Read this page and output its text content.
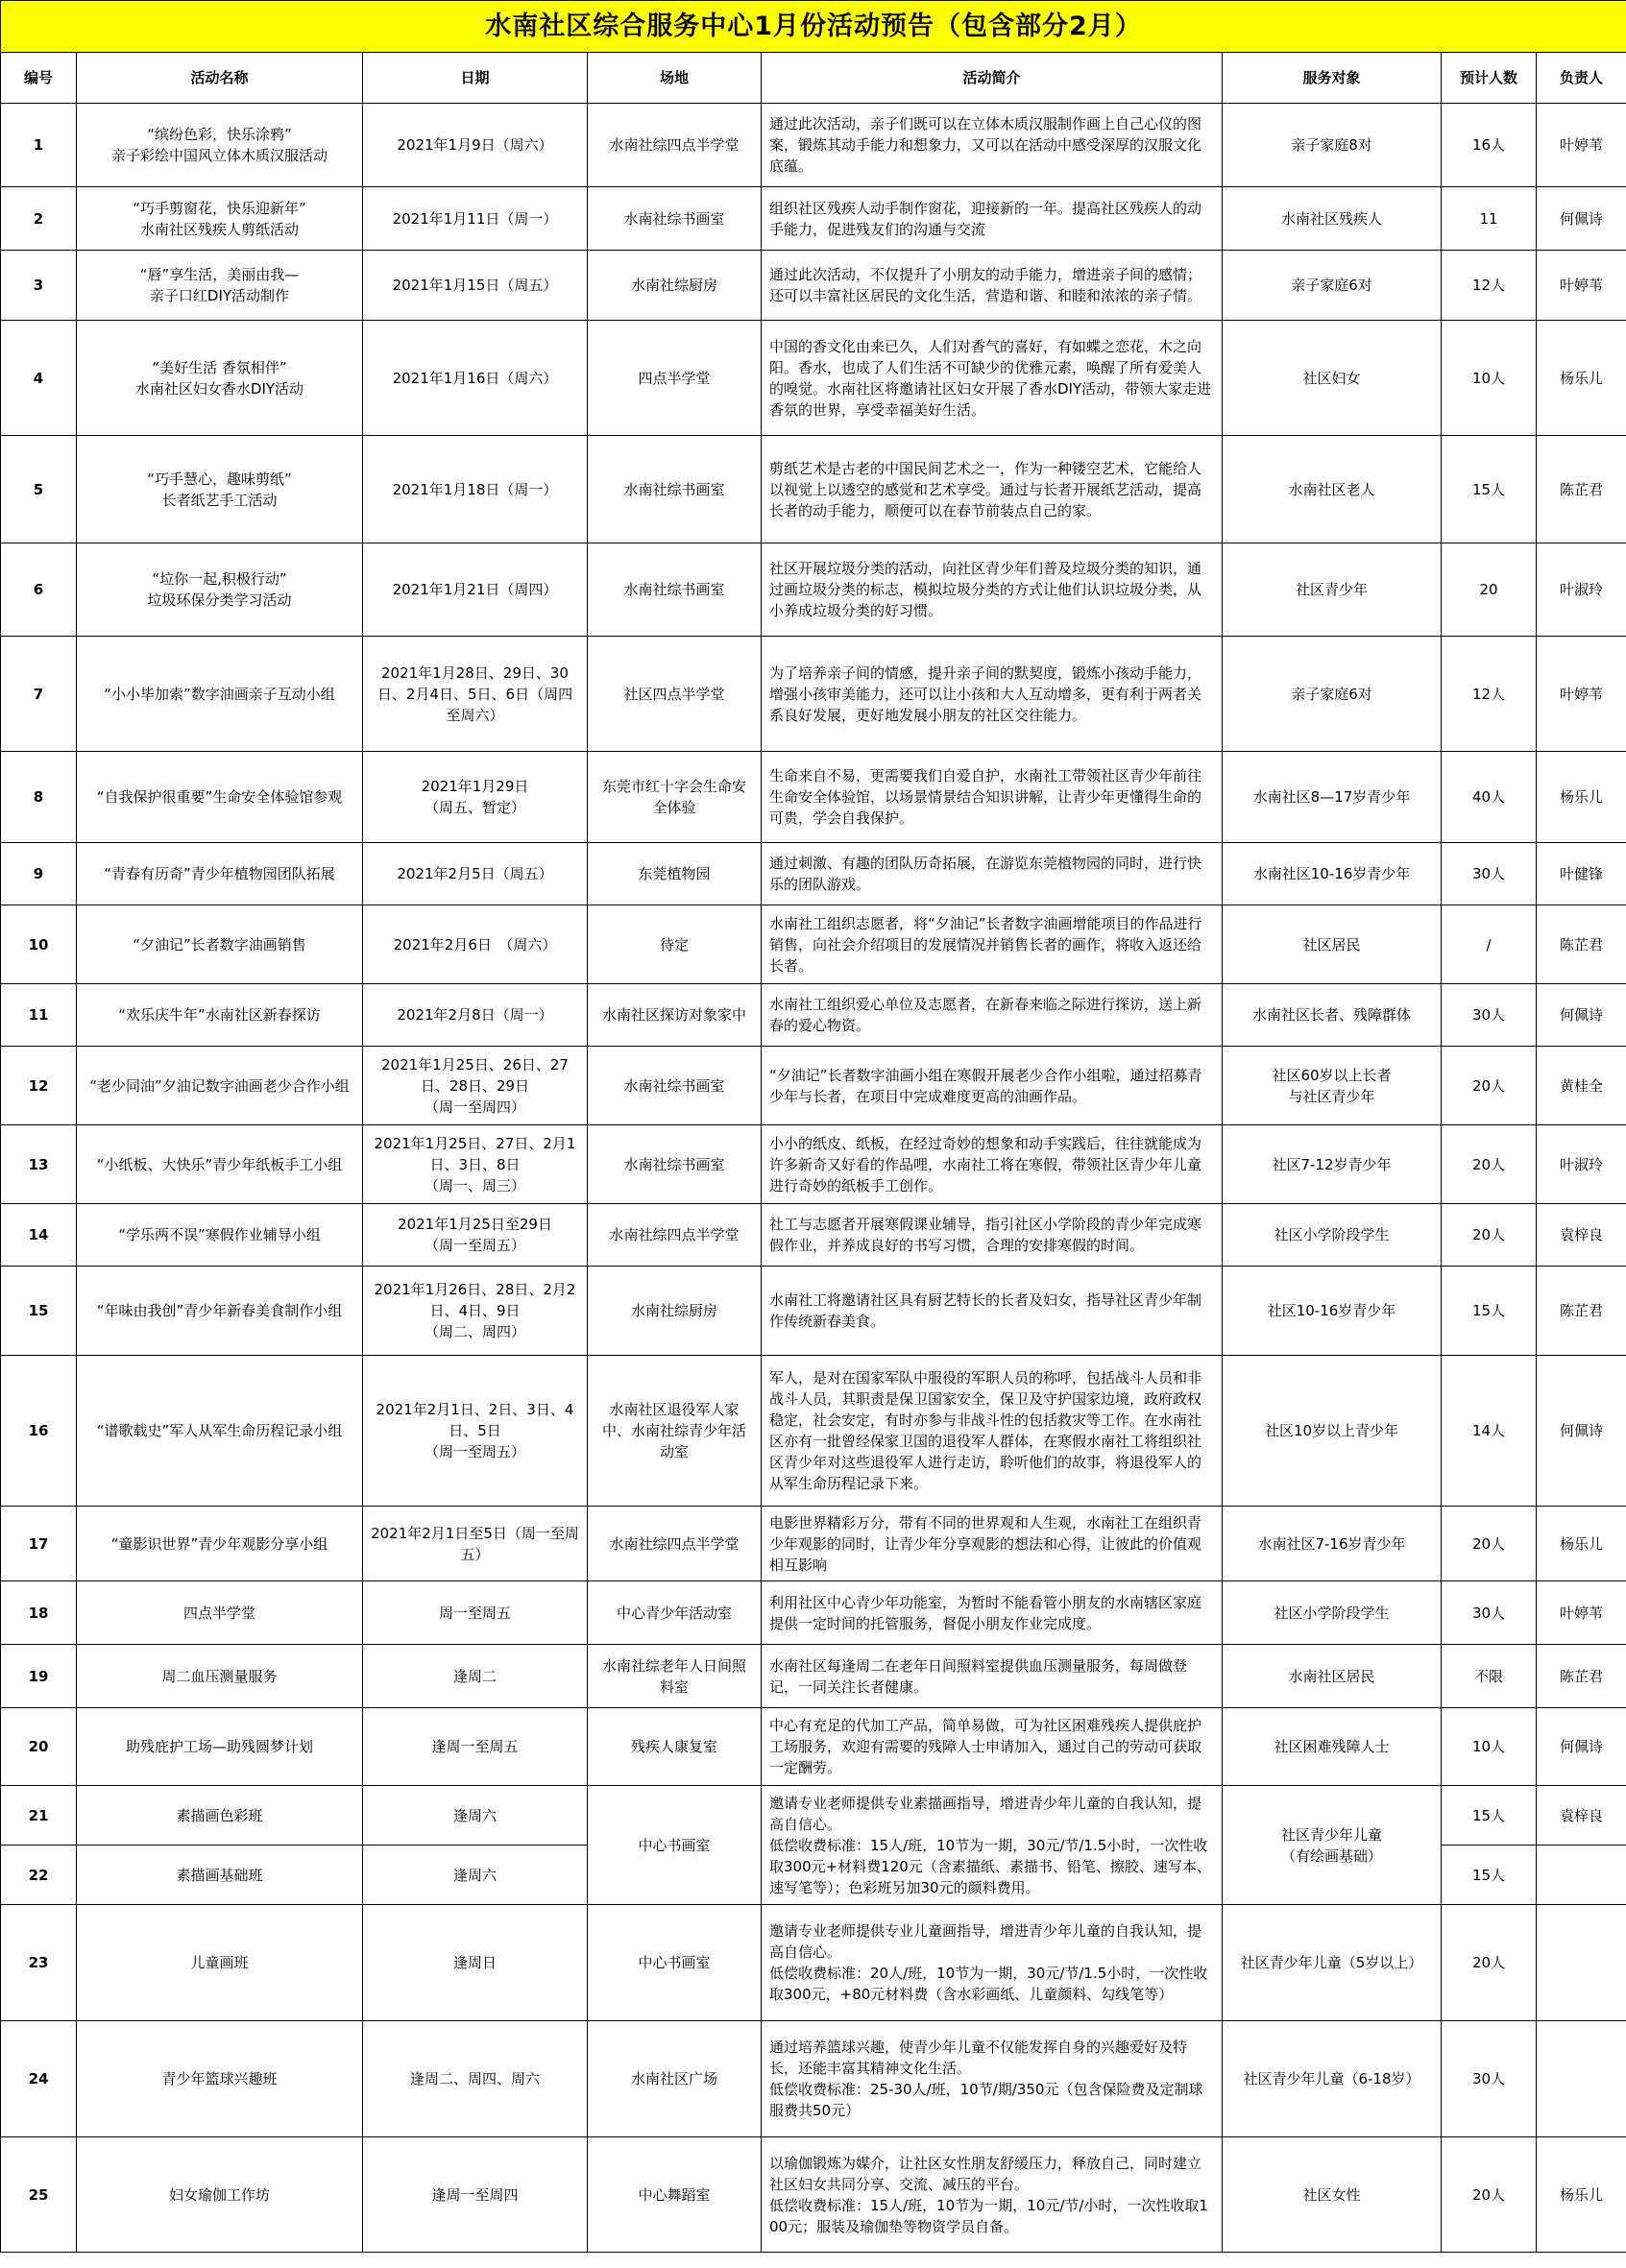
水南社区综合服务中心1月份活动预告（包含部分2月）							
编号	活动名称	日期	场地	活动简介	服务对象	预计人数	负责人
1	“缤纷色彩，快乐涂鸦”
亲子彩绘中国风立体木质汉服活动	2021年1月9日（周六）	水南社综四点半学堂	通过此次活动，亲子们既可以在立体木质汉服制作画上自己心仪的图案，锻炼其动手能力和想象力，又可以在活动中感受深厚的汉服文化底蕴。	亲子家庭8对	16人	叶婷苇
2	“巧手剪窗花，快乐迎新年”
水南社区残疾人剪纸活动	2021年1月11日（周一）	水南社综书画室	组织社区残疾人动手制作窗花，迎接新的一年。提高社区残疾人的动手能力，促进残友们的沟通与交流	水南社区残疾人	11	何佩诗
3	“唇”享生活，美丽由我—
亲子口红DIY活动制作	2021年1月15日（周五）	水南社综厨房	通过此次活动，不仅提升了小朋友的动手能力，增进亲子间的感情；还可以丰富社区居民的文化生活，营造和谐、和睦和浓浓的亲子情。	亲子家庭6对	12人	叶婷苇
4	“美好生活 香氛相伴”
水南社区妇女香水DIY活动	2021年1月16日（周六）	四点半学堂	中国的香文化由来已久，人们对香气的喜好，有如蝶之恋花，木之向阳。香水，也成了人们生活不可缺少的优雅元素，唤醒了所有爱美人的嗅觉。水南社区将邀请社区妇女开展了香水DIY活动，带领大家走进香氛的世界，享受幸福美好生活。	社区妇女	10人	杨乐儿
5	“巧手慧心，趣味剪纸”
长者纸艺手工活动	2021年1月18日（周一）	水南社综书画室	剪纸艺术是古老的中国民间艺术之一，作为一种镂空艺术，它能给人以视觉上以透空的感觉和艺术享受。通过与长者开展纸艺活动，提高长者的动手能力，顺便可以在春节前装点自己的家。	水南社区老人	15人	陈芷君
6	“垃你一起,积极行动”
垃圾环保分类学习活动	2021年1月21日（周四）	水南社综书画室	社区开展垃圾分类的活动，向社区青少年们普及垃圾分类的知识，通过画垃圾分类的标志，模拟垃圾分类的方式让他们认识垃圾分类，从小养成垃圾分类的好习惯。	社区青少年	20	叶淑玲
7	“小小毕加索”数字油画亲子互动小组	2021年1月28日、29日、30日、2月4日、5日、6日（周四至周六）	社区四点半学堂	为了培养亲子间的情感，提升亲子间的默契度，锻炼小孩动手能力，增强小孩审美能力，还可以让小孩和大人互动增多，更有利于两者关系良好发展，更好地发展小朋友的社区交往能力。	亲子家庭6对	12人	叶婷苇
8	“自我保护很重要”生命安全体验馆参观	2021年1月29日
（周五、暂定）	东莞市红十字会生命安全体验	生命来自不易，更需要我们自爱自护，水南社工带领社区青少年前往生命安全体验馆，以场景情景结合知识讲解，让青少年更懂得生命的可贵，学会自我保护。	水南社区8—17岁青少年	40人	杨乐儿
9	“青春有历奇”青少年植物园团队拓展	2021年2月5日（周五）	东莞植物园	通过刺激、有趣的团队历奇拓展，在游览东莞植物园的同时，进行快乐的团队游戏。	水南社区10-16岁青少年	30人	叶健锋
10	“夕油记”长者数字油画销售	2021年2月6日　（周六）	待定	水南社工组织志愿者，将“夕油记”长者数字油画增能项目的作品进行销售，向社会介绍项目的发展情况并销售长者的画作，将收入返还给长者。	社区居民	/	陈芷君
11	“欢乐庆牛年”水南社区新春探访	2021年2月8日（周一）	水南社区探访对象家中	水南社工组织爱心单位及志愿者，在新春来临之际进行探访，送上新春的爱心物资。	水南社区长者、残障群体	30人	何佩诗
12	“老少同油”夕油记数字油画老少合作小组	2021年1月25日、26日、27日、28日、29日
（周一至周四）	水南社综书画室	“夕油记”长者数字油画小组在寒假开展老少合作小组啦，通过招募青少年与长者，在项目中完成难度更高的油画作品。	社区60岁以上长者
与社区青少年	20人	黄桂全
13	“小纸板、大快乐”青少年纸板手工小组	2021年1月25日、27日、2月1日、3日、8日
（周一、周三）	水南社综书画室	小小的纸皮、纸板，在经过奇妙的想象和动手实践后，往往就能成为许多新奇又好看的作品哩，水南社工将在寒假，带领社区青少年儿童进行奇妙的纸板手工创作。	社区7-12岁青少年	20人	叶淑玲
14	“学乐两不误”寒假作业辅导小组	2021年1月25日至29日
（周一至周五）	水南社综四点半学堂	社工与志愿者开展寒假课业辅导，指引社区小学阶段的青少年完成寒假作业，并养成良好的书写习惯，合理的安排寒假的时间。	社区小学阶段学生	20人	袁梓良
15	“年味由我创”青少年新春美食制作小组	2021年1月26日、28日、2月2日、4日、9日
（周二、周四）	水南社综厨房	水南社工将邀请社区具有厨艺特长的长者及妇女，指导社区青少年制作传统新春美食。	社区10-16岁青少年	15人	陈芷君
16	“谱歌载史”军人从军生命历程记录小组	2021年2月1日、2日、3日、4日、5日
（周一至周五）	水南社区退役军人家中、水南社综青少年活动室	军人，是对在国家军队中服役的军职人员的称呼，包括战斗人员和非战斗人员，其职责是保卫国家安全，保卫及守护国家边境，政府政权稳定，社会安定，有时亦参与非战斗性的包括救灾等工作。在水南社区亦有一批曾经保家卫国的退役军人群体，在寒假水南社工将组织社区青少年对这些退役军人进行走访，聆听他们的故事，将退役军人的从军生命历程记录下来。	社区10岁以上青少年	14人	何佩诗
17	“童影识世界”青少年观影分享小组	2021年2月1日至5日（周一至周五）	水南社综四点半学堂	电影世界精彩万分，带有不同的世界观和人生观，水南社工在组织青少年观影的同时，让青少年分享观影的想法和心得，让彼此的价值观相互影响	水南社区7-16岁青少年	20人	杨乐儿
18	四点半学堂	周一至周五	中心青少年活动室	利用社区中心青少年功能室，为暂时不能看管小朋友的水南辖区家庭提供一定时间的托管服务，督促小朋友作业完成度。	社区小学阶段学生	30人	叶婷苇
19	周二血压测量服务	逢周二	水南社综老年人日间照料室	水南社区每逢周二在老年日间照料室提供血压测量服务，每周做登记，一同关注长者健康。	水南社区居民	不限	陈芷君
20	助残庇护工场—助残圆梦计划	逢周一至周五	残疾人康复室	中心有充足的代加工产品，简单易做，可为社区困难残疾人提供庇护工场服务，欢迎有需要的残障人士申请加入，通过自己的劳动可获取一定酬劳。	社区困难残障人士	10人	何佩诗
21	素描画色彩班	逢周六	中心书画室	邀请专业老师提供专业素描画指导，增进青少年儿童的自我认知，提高自信心。
低偿收费标准：15人/班，10节为一期，30元/节/1.5小时，一次性收取300元+材料费120元（含素描纸、素描书、铅笔、擦胶、速写本、速写笔等）；色彩班另加30元的颜料费用。	社区青少年儿童
（有绘画基础）	15人	袁梓良
22	素描画基础班	逢周六				15人	
23	儿童画班	逢周日	中心书画室	邀请专业老师提供专业儿童画指导，增进青少年儿童的自我认知，提高自信心。
低偿收费标准：20人/班，10节为一期，30元/节/1.5小时，一次性收取300元，+80元材料费（含水彩画纸、儿童颜料、勾线笔等）	社区青少年儿童（5岁以上）	20人	
24	青少年篮球兴趣班	逢周二、周四、周六	水南社区广场	通过培养篮球兴趣，使青少年儿童不仅能发挥自身的兴趣爱好及特长，还能丰富其精神文化生活。
低偿收费标准：25-30人/班，10节/期/350元（包含保险费及定制球服费共50元）	社区青少年儿童（6-18岁）	30人	
25	妇女瑜伽工作坊	逢周一至周四	中心舞蹈室	以瑜伽锻炼为媒介，让社区女性朋友舒缓压力，释放自己，同时建立社区妇女共同分享、交流、减压的平台。
低偿收费标准：15人/班，10节为一期，10元/节/小时，一次性收取100元；服装及瑜伽垫等物资学员自备。	社区女性	20人	杨乐儿
